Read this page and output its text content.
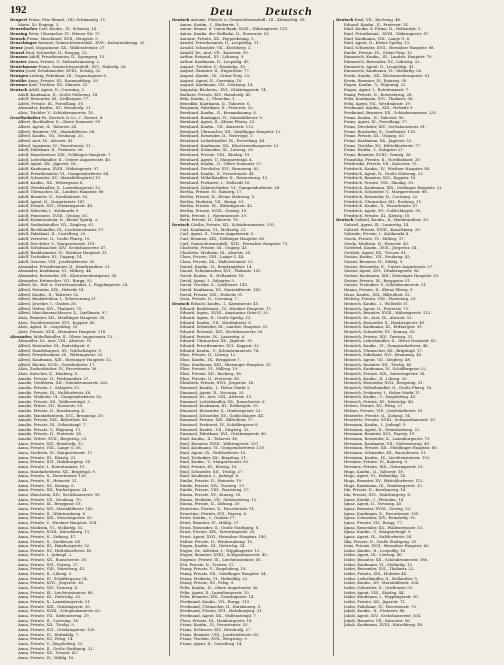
192	Deu	Deutsch
Deupert Franz, Priv.-Beamt., III/₂ Schimmelg. 11.
Marie, X/₁ Eugeng. 3.
Deuerdacher Carl, Kaufm., IV., Schaurg. 14.
Deuring Peter, Uhrmacher, IV., Wiener Str. 17.
Deusch Franz, Maschinist, XVII., Hauptstr. 5.
Deuschinger Antonie, Gemischtwarenhdl., XVII., Kalvarienbergg. 32.
Deuse Josef, Magazineur, XX., Wallensteinstr. 27.
Deusel Paul, Schneider, II., Rueppg. 13.
Deussen Adolf, Privatbeamter, II., Springerg. 15.
Deuster Anna, Private, V., Siebenbrunneng. 2.
Deutelmoser Franz, Gemischtwarenhdl., XVI., Haberlg. 26.
Deuter Josef, Schuhmacher, XVIII., Schulg. 32.
Deutgen Ludwig, Fabrikant, III., Dapontegasse 8.
Deutike Anna, Private, III., Rasumofskyg. 29.
Deutner Karl, Tischler, XV., Märzstr. 32.
Deutsch Adolf, Agent, II., Czerning. 3.
Adolf, Kaufmann, II., Große Mohreng. 14.
Adolf, Reisender, III., Erdbergstr. 77.
Adele, Private, IX., Porzellang. 30.
Alexander, Kaufm., XV., Reindorfg. 21.
Alois, Tischler, V., Schönbrunnerstr. 18.
Gesellschafter Fa. Deutsch & Co., I., Rotent. 4.
Albert, Buchhalter, II., Obere Donaustr. 99.
Albert, Agent, II., Taborstr. 24.
Albert, Beamter, VII., Mariahilferstr. 58.
Alfred, Kaufm., VII., Neubaug. 25.
Alfred, Arzt, IX., Alserstr. 41.
Alfred, Ingenieur, IV., Favoritenstr. 11.
Adolf, Fabrikant, II., Praterstr. 56.
Adolf, Hausbesitzer, XIX., Döblinger Hauptstr. 7.
Adolf, Lederhändler, II., Untere Augartenstr. 40.
Adolf, Agent, XX., Jägerstr. 18.
Adolf, Kaufmann, XVIII., Währingerstr. 97.
Adolf, Privatbeamter, VI., Gumpendorferstr. 64.
Adolf, Schneider, XV., Mariahilfergürtel 19.
Adolf, Kaufm., XX., Webergasse 8.
Adolf, Weinhändler, X., Laxenburgerstr. 22.
Adolf, Uhrmacher, III., Landstr. Hauptstr. 88.
Adolf, Beamter, II., Nordbahnstr. 36.
Adolf, Agent, II., Vorgartenstr. 147.
Adolf, Private, XVI., Ottakringerstr. 48.
Adolf, Sekretär, I., Kohlmarkt 9.
Adolf, Pensionist, XVIII., Gentzg. 63.
Adolf, Kommissionär, II., Kleine Sperlg. 2.
Adolf, Seidenhändler, VII., Zieglerg. 61.
Adolf, Buchhändler, IX., Liechtensteinstr. 37.
Adolf, Fabrikant, II., Castellezg. 20.
Adolf, Vertreter, II., Große Pfarrg. 10.
Adolf, Drechsler, V., Margaretenstr. 119.
Adolf, Schuhmacher, XIV., Sechshauserstr. 47.
Adolf, Bankbeamter, IV., Wiedner Hauptstr. 31.
Adolf, Techniker, III., Ungarg. 14.
Adolf, Graveur, VIII., Josefstädterstr. 30.
Alexander, Privatbeamter, II., Rembrandtstr. 21.
Alexander, Kaufmann, VI., Millerg. 44.
Alexander, Reisender, XX., Klosterneuburgerstr. 58.
Alexander, Hutmacher, VII., Burgg. 92.
Alfred, Dr., Hof- u. Gerichtsadvokat, I., Wipplingerstr. 24.
Alfred, Privatier, XIX., Hofzeile 14.
Alfred, Kaufm., II., Taborstr. 52.
Alfred, Bankdirektor, I., Schottenring 21.
Alfred, Juwelier, I., Graben 28.
Alfred, Weber, XVI., Thaliastr. 75.
Alfred, Maschinenschlosser, X., Quellenstr. 97.
Alois, Beamter, XII., Meidlinger Hauptstr. 36.
Alois, Tischlermeister, XVI., Koppstr. 40.
Alois, Agent, II., Leopoldsg. 33.
Alois, Private, XVII., Hernalser Hauptstr. 118.
Alexander, Möbelhändler, II., Obere Augartenstr. 12.
Alexander, Dr., Arzt, VIII., Alserstr. 33.
Alfred, Reisender, III., Radetzkystr. 6.
Alfred, Handelsagent, XV., Goldschlagstr. 9.
Alfred, Privatbeamter, IX., Währingerstr. 25.
Alfred, Kaufmann, XIII., Hietzinger Hauptstr. 12.
Alfred, Bäcker, XVIII., Gersthoferstr. 17.
Alois, Zuckerbäcker, IV., Favoritenstr. 36.
Alois, Kutscher, X., Himberg. 9.
Amalie, Private, II., Ferdinandstr. 27.
Amalie, Greißlerin, XII., Schönbrunnerstr. 262.
Amalie, Private, I., Salzgries 15.
Amalie, Private, IX., Nußdorferstr. 48.
Amalie, Modistin, VI., Gumpendorferstr. 82.
Amalie, Private, XX., Wallensteinpl. 3.
Amalie, Witwe, VII., Kaiserstr. 55.
Amalie, Private, II., Kurzbauerg. 4.
Amalie, Handarbeiterin, XVI., Brunneng. 29.
Amalie, Private, XIX., Billrothstr. 40.
Amalie, Private, III., Sebastianpl. 7.
Amalie, Private, V., Pilgramg. 11.
Amalie, Private, II., Praterstr. 38.
Amalie, Witwe, XVII., Bergsteig. 23.
Anna, Private, XIV., Reindorfg. 12.
Anna, Private, VIII., Lange G. 58.
Anna, Modistin, IV., Margaretenstr. 17.
Anna, Private, III., Kleistg. 21.
Anna, Private, XVI., Habsburgerg. 14.
Anna, Private, I., Rotenturmstr. 19.
Anna, Handarbeiterin, XX., Brigittapl. 9.
Anna, Private, X., Favoritenstr. 128.
Anna, Private, II., Heinestr. 31.
Anna, Private, XV., Kranzg. 6.
Anna, Private, XII., Ruckergasse 24.
Anna, Wäscherin, XIV., Sechshauserstr. 90.
Anna, Private, VII., Neubaug. 70.
Anna, Private, IX., Berggasse 19.
Anna, Private, XIV., Mariahilferstr. 162.
Anna, Private, II., Weintraubeng. 8.
Anna, Private, XIX., Sieveringerstr. 55.
Anna, Private, V., Wiedner Hauptstr. 104.
Anna, Modistin, VI., Mollardg. 33.
Anna, Private, XVIII., Kutschkerg. 11.
Anna, Private, II., Zirkusg. 47.
Anna, Private, X., Quellenstr. 64.
Anna, Private, III., Hainburgerstr. 52.
Anna, Private, XV., Hütteldorferstr. 43.
Anna, Private, I., Judenpl. 2.
Anna, Private, XX., Rauscherstr. 18.
Anna, Private, XVI., Payerg. 27.
Anna, Private, VIII., Piaristeng. 41.
Anna, Private, II., Lilieng. 5.
Anna, Private, IV., Schäffergasse 14.
Anna, Private, XVII., Jörgerstr. 36.
Anna, Private, XIV., Turnerg. 4.
Anna, Private, IX., Liechtensteinstr. 88.
Anna, Private, III., Dietrichg. 20.
Anna, Private, X., Laxenburgerstr. 51.
Anna, Private, XIX., Grinzingerstr. 30.
Anna, Private, XVIII., Schopenhauerstr. 62.
Anna, Private, VII., Siebensterng. 29.
Anna, Private, II., Czerning. 16.
Anna, Private, XII., Tivolig. 9.
Anna, Private, XVI., Ottakringerstr. 120.
Anna, Private, VI., Hofmühlg. 7.
Anna, Private, XV., Pelzg. 14.
Anna, Private, V., Ziegelofeng. 32.
Anna, Private, II., Große Stadtgutg. 21.
Anna, Private, XX., Treustr. 43.
Anna, Private, IV., Mühlg. 18.
Deutsch Antonie, Fleisch- u. Gemischtwarenhdl., III., Kleinschlg. 58.
Anton, Kaufm., I., Bäckerstr. 1.
Anton, Beamt. d. Union-Bank, XVIII., Währingerstr. 135.
Anton, Kaufm. der Südbahn, II., Stuwerstr. 53.
Antonie, Private, XX., Pappenheimg. 5.
Arnold, Privatbeamter, II., Leopoldsg. 11.
Arnold, Schneider, VII., Kirchberg. 2.
Arnold, Dr., Arzt, VII., Kaiserstr. 39.
Arthur, Reisend., XV., Löhnerg. 9.
Arthur, Kaufmann, II., Leopoldg. 45.
August, Tischler, V., Hauslabg. 16.
August, Beamter, II., Engerthstr. 77.
August, Kaufm., IX., Grüne-Torg. 23.
August, Agent, II., Czerning. 10.
August, Kaufmann, VII., Neubaug. 14.
Augustin, Bäckerm., XVI., Ottakringerstr. 74.
Barbara, Private, XIV., Reindorfg. 40.
Bela, Kaufm., I., Fleischm. 1.
Benedikt, Kaufmann, II., Taborstr. 8.
Benjamin, Fabrikant, II., Praterstr. 32.
Bernhard, Kaufm., II., Krummbaumg. 6.
Bernhard, Bandagist, VI., Mariahilferstr. 9.
Bernhard, Agent, II., Kleine Pfarrg. 23.
Bernhard, Kaufm., VII., Kaiserstr. 112.
Bernhard, Uhrmacher, XII., Meidlinger Hauptstr. 12.
Bernhard, Reisender, II., Nestroypl. 1.
Bernhard, Lederhändler, IX., Porzellang. 44.
Bernhard, Kaufmann, XX., Klosterneuburgerstr. 12.
Bernhard, Schneider, III., Löweng. 28.
Bernhard, Private, VIII., Skodag. 19.
Bernhard, Agent, V., Margaretenpl. 4.
Bernhard, Kaufm., II., Obere Donaustr. 57.
Bernhard, Drechsler, XVI., Brunneng. 62.
Bernhard, Kaufm., X., Favoritenstr. 44.
Bernhard, Möbelhändler, II., Rotensterng. 11.
Bernhard, Prokurist, I., Wollzeile 16.
Bernhard, Zahntechniker, VI., Gumpendorferstr. 28.
Bertha, Private, IV., Rainerg. 17.
Bertha, Private, II., Kleine Mohreng. 5.
Bertha, Modistin, VII., Burgg. 51.
Bertha, Private, IX., Währingerstr. 42.
Bertha, Private, XVIII., Gentzg. 15.
Betti, Private, I., Rotenturmstr. 29.
Betti, Private, II., Taborstr. 76.
Deutsch Cäcilie, Private, XII., Schönbrunnerstr. 210.
Carl, Kaufmann, VI., Mollardg. 21.
Carl, Agent, II., Untere Augartenstr. 5.
Carl, Beamter, XIX., Döblinger Hauptstr. 60.
Carl, Gemischtwarenhdl., XVII., Hernalser Hauptstr. 73.
Charlotte, Private, III., Ungarg. 41.
Charlotte, Modistin, IX., Alserstr. 28.
Clara, Private, VIII., Lange G. 44.
Clara, Private, XX., Wallensteinstr. 12.
Daniel, Kaufm., II., Rembrandtstr. 14.
Daniel, Schuhmacher, XVI., Thaliastr. 103.
David, Kaufm., II., Hollandstr. 18.
David, Agent, I., Salzgries 9.
David, Tischler, X., Quellenstr. 143.
David, Kaufmann, XV., Mariahilferstr. 182.
David, Private, XIX., Hofzeile 31.
Dora, Private, II., Czerning. 7.
Deutsch Eduard, Kaufm., I., Kärntnerstr. 45.
Eduard, Bankbeamt., IV., Wiedner Hauptstr. 17.
Eduard, Ingen., XVIII., Anastasius Grün-G. 20.
Eduard, Agent, II., Große Sperlg. 33.
Eduard, Kaufm., VII., Westbahnstr. 8.
Eduard, Schneider, III., Landstr. Hauptstr. 51.
Eduard, Reisend., XIV., Sechshauserstr. 28.
Eduard, Private, IX., Lazarettg. 6.
Eduard, Uhrmacher, XX., Jägerstr. 30.
Eduard, Privatbeamter, XVI., Koppstr. 52.
Eduard, Kaufm., V., Schönbrunnerstr. 74.
Elias, Private, II., Lilieng. 12.
Elias, Kaufm., IX., Berggasse 7.
Elias, Kaufmann, XIII., Hietzinger Hauptstr. 33.
Elise, Private, VI., Millerg. 19.
Elise, Private, XII., Ruckerg. 36.
Elise, Private, II., Praterstr. 60.
Elisabeth, Private, XVII., Jörgerstr. 14.
Emanuel, Kaufm., I., Hoher Markt 5.
Emanuel, Agent, II., Novarag. 25.
Emanuel, Dr., Arzt, VIII., Alserstr. 19.
Emanuel, Lederhändler, XX., Rauscherstr. 6.
Emanuel, Kaufmann, III., Erdbergstr. 15.
Emanuel, Reisender, X., Himbergerstr. 22.
Emanuel, Schneider, XV., Goldschlagstr. 44.
Emanuel, Private, XIX., Billrothstr. 17.
Emanuel, Prokurist, IV., Schäffergasse 8.
Emanuel, Kaufm., VII., Zieglerg. 33.
Emanuel, Fabrikant, XVI., Ottakringerstr. 40.
Emil, Kaufm., II., Taborstr. 40.
Emil, Beamter, XVIII., Währingerstr. 167.
Emil, Kaufmann, VI., Gumpendorferstr. 120.
Emil, Agent, IX., Nußdorferstr. 15.
Emil, Techniker, XX., Brigittag. 21.
Emil, Kaufm., V., Margaretenstr. 62.
Emil, Private, III., Kleistg. 10.
Emil, Schneider, XII., Tivolig. 27.
Emil, Kaufmann, I., Judenpl. 6.
Emilie, Private, II., Heinestr. 19.
Emilie, Private, XIV., Turnerg. 13.
Emilie, Private, VIII., Piaristeng. 17.
Emma, Private, XV., Kranzg. 20.
Emma, Modistin, VII., Siebensterng. 12.
Emma, Private, II., Zirkusg. 30.
Ernestine, Private, X., Favoritenstr. 91.
Ernestine, Private, XVI., Payerg. 8.
Ernst, Kaufm., I., Graben 17.
Ernst, Beamter, IV., Mühlg. 27.
Ernst, Reisender, II., Große Stadtgutg. 8.
Ernst, Private, XIX., Sieveringerstr. 20.
Ernst, Agent, XVII., Hernalser Hauptstr. 140.
Esther, Private, II., Weintraubeng. 15.
Eugen, Kaufm., III., Dietrichg. 34.
Eugen, Dr., Advokat, I., Wipplingerstr. 12.
Eugen, Beamter, XVIII., Schopenhauerstr. 40.
Eugenie, Private, IX., Liechtensteinstr. 56.
Eva, Private, II., Treustr. 27.
Fanny, Private, V., Ziegelofeng. 18.
Fanny, Private, XII., Meidlinger Hauptstr. 54.
Fanny, Modistin, VI., Hofmühlg. 22.
Fanny, Private, XV., Pelzg. 9.
Felix, Kaufm., II., Obere Augartenstr. 36.
Felix, Agent, X., Laxenburgerstr. 19.
Felix, Beamter, XIX., Grinzingerstr. 14.
Ferdinand, Kaufm., VII., Burgg. 110.
Ferdinand, Uhrmacher, II., Kurzbauerg. 9.
Ferdinand, Private, XVI., Habsburgerg. 31.
Ferdinand, Agent, XX., Wallensteinpl. 7.
Flora, Private, III., Hainburgerstr. 18.
Franz, Kaufm., IV., Favoritenstr. 53.
Franz, Schlosser, XIV., Reindorfg. 27.
Franz, Beamter, VIII., Josefstädterstr. 62.
Franz, Tischler, XVII., Bergsteig. 9.
Franz, Agent, II., Castellezg. 14.
Deutsch Emil, VII., Kircheng. 46.
Eduard, Kaufm., II., Praterstr. 14.
Emil, Kaufm. d. Firma, II., Hollandstr. 3.
Emil, Privatbeamt., XVIII., Währingerstr. 87.
Emil, Kaufmann, VIII., Lange G. 6.
Emil, Agent, II., Kleine Sperlg. 13.
Emil, Schneider, XVII., Hernalser Hauptstr. 88.
Emilie, Private, IX., Grüne-Torg. 12.
Emmerich, Kaufm., III., Landstr. Hauptstr. 70.
Emmerich, Reisender, XV., Löhnerg. 22.
Emmerich, Agent, II., Leopoldsg. 41.
Emmerich, Kaufmann, VI., Mollardg. 56.
Erwin, Kaufm., XX., Klosterneuburgerstr. 81.
Erwin, Beamter, IV., Rainerg. 30.
Eugen, Kaufm., V., Pilgramg. 22.
Eugen, Agent, I., Rotenturmstr. 7.
Fanny, Private, II., Rotensterng. 28.
Felix, Kaufmann, XVI., Thaliastr. 58.
Felix, Agent, VII., Westbahnstr. 19.
Ferdinand, Kaufm., XIX., Hofzeile 9.
Ferdinand, Beamter, XII., Schönbrunnerstr. 232.
Franz, Kaufm., II., Taborstr. 90.
Franz, Agent, IX., Porzellang. 17.
Franz, Drechsler, XIV., Sechshauserstr. 61.
Franz, Reisender, X., Quellenstr. 118.
Franz, Private, III., Ungarg. 63.
Franz, Kaufmann, XX., Jägerstr. 52.
Franz, Tischler, XV., Hütteldorferstr. 77.
Franz, Kaufm., I., Salzgries 21.
Franz, Beamter, XVIII., Gentzg. 36.
Franziska, Private, II., Nordbahnstr. 20.
Friederike, Private, VII., Kaiserstr. 73.
Friedrich, Kaufm., IV., Wiedner Hauptstr. 48.
Friedrich, Agent, II., Große Mohreng. 22.
Friedrich, Beamter, XVI., Koppstr. 18.
Friedrich, Private, VIII., Skodag. 30.
Friedrich, Kaufmann, XIX., Döblinger Hauptstr. 21.
Friedrich, Schneider, V., Margaretenstr. 88.
Friedrich, Reisender, II., Czerning. 22.
Friedrich, Uhrmacher, XII., Ruckerg. 11.
Friedrich, Kaufm., X., Favoritenstr. 67.
Friedrich, Agent, XV., Goldschlagstr. 30.
Friedrich, Private, III., Kleistg. 18.
Deutsch Gabriel, Kaufm., II., Rembrandtstr. 33.
Gabriel, Agent, IX., Lazarettg. 14.
Gabriel, Private, XVIII., Kutschkerg. 29.
Gabriele, Private, I., Kohlmarkt 4.
Gisela, Private, VI., Millerg. 37.
Gisela, Modistin, II., Heinestr. 43.
Gottfried, Kaufm., XVII., Jörgerstr. 54.
Gottlieb, Agent, XX., Treustr. 61.
Gustav, Kaufm., VII., Neubaug. 42.
Gustav, Beamter, IV., Mühlg. 9.
Gustav, Reisender, II., Untere Augartenstr. 27.
Gustav, Agent, XVI., Ottakringerstr. 96.
Gustav, Kaufmann, XIII., Hietzinger Hauptstr. 50.
Gustav, Private, IX., Berggasse 31.
Gustav, Techniker, V., Schönbrunnerstr. 31.
Hanna, Private, II., Kleine Pfarrg. 9.
Hans, Kaufm., XIX., Billrothstr. 52.
Hedwig, Private, VIII., Piaristeng. 29.
Heinrich, Kaufm., I., Wollzeile 31.
Heinrich, Agent, II., Praterstr. 73.
Heinrich, Beamter, XVIII., Währingerstr. 112.
Heinrich, Dr., Arzt, IX., Alserstr. 52.
Heinrich, Reisender, X., Himbergerstr. 40.
Heinrich, Kaufmann, III., Erdbergstr. 39.
Heinrich, Schneider, XV., Kranzg. 33.
Heinrich, Private, XIV., Turnerg. 21.
Heinrich, Lederhändler, II., Obere Donaustr. 83.
Heinrich, Kaufm., VI., Gumpendorferstr. 46.
Heinrich, Uhrmacher, XX., Brigittapl. 17.
Heinrich, Fabrikant, XVI., Brunneng. 40.
Heinrich, Agent, VII., Zieglerg. 48.
Heinrich, Beamter, XII., Tivolig. 40.
Heinrich, Kaufmann, IV., Schäffergasse 22.
Heinrich, Private, XIX., Sieveringerstr. 38.
Heinrich, Kaufm., II., Lilieng. 20.
Heinrich, Reisender, XVII., Bergsteig. 31.
Heinrich, Möbelhändler, II., Große Pfarrg. 18.
Heinrich, Prokurist, I., Hoher Markt 11.
Heinrich, Kaufm., V., Ziegelofeng. 40.
Heinrich, Private, III., Dietrichg. 48.
Helene, Private, XV., Pelzg. 27.
Helene, Private, VIII., Josefstädterstr. 81.
Henriette, Private, II., Zirkusg. 14.
Henriette, Private, XVIII., Schopenhauerstr. 19.
Hermann, Kaufm., I., Judenpl. 9.
Hermann, Agent, II., Weintraubeng. 22.
Hermann, Beamter, XVI., Payerg. 19.
Hermann, Reisender, X., Laxenburgerstr. 73.
Hermann, Kaufmann, VII., Siebensterng. 40.
Hermann, Private, XII., Meidlinger Hauptstr. 80.
Hermann, Schneider, XX., Rauscherstr. 31.
Hermann, Kaufm., IX., Liechtensteinstr. 102.
Hermine, Private, IV., Rainerg. 9.
Hermine, Private, XIX., Grinzingerstr. 51.
Hugo, Kaufm., II., Taborstr. 18.
Hugo, Agent, VI., Hofmühlg. 14.
Hugo, Beamter, XV., Hütteldorferstr. 112.
Hugo, Kaufmann, III., Hainburgerstr. 33.
Ida, Private, II., Kurzbauerg. 16.
Ida, Private, XVI., Habsburgerg. 8.
Ignaz, Kaufm., I., Fleischm. 14.
Ignaz, Agent, II., Novarag. 40.
Ignaz, Beamter, XVIII., Gentzg. 52.
Ignaz, Kaufmann, X., Favoritenstr. 150.
Ignaz, Schneider, XIV., Reindorfg. 55.
Ignaz, Private, VII., Burgg. 77.
Ignaz, Reisender, XX., Wallensteinstr. 33.
Ignaz, Kaufm., V., Margaretenpl. 9.
Ignaz, Agent, IX., Nußdorferstr. 34.
Ilka, Private, II., Große Stadtgutg. 30.
Irma, Private, XVII., Hernalser Hauptstr. 62.
Isidor, Kaufm., II., Leopoldg. 16.
Isidor, Agent, III., Löweng. 40.
Isidor, Beamter, XII., Schönbrunnerstr. 186.
Isidor, Kaufmann, VI., Mollardg. 12.
Isidor, Reisender, XVI., Thaliastr. 22.
Isidor, Private, XIX., Hofzeile 44.
Isidor, Lederhändler, II., Hollandstr. 9.
Isidor, Kaufm., XV., Mariahilferstr. 204.
Isidor, Schneider, X., Quellenstr. 92.
Isidor, Agent, VIII., Skodag. 44.
Isidor, Kaufmann, I., Wipplingerstr. 30.
Isidor, Private, XX., Jägerstr. 71.
Isidor, Fabrikant, IV., Favoritenstr. 70.
Jakob, Kaufm., II., Praterstr. 88.
Jakob, Agent, XIV., Sechshauserstr. 104.
Jakob, Beamter, VII., Kaiserstr. 96.
Jakob, Kaufmann, XVIII., Kutschkerg. 40.
